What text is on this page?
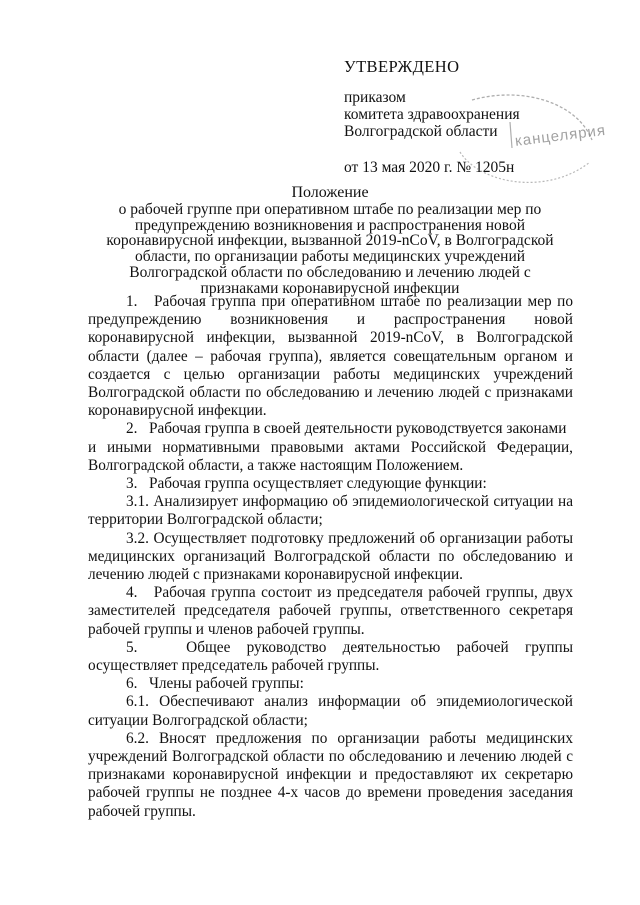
УТВЕРЖДЕНО
приказом
комитета здравоохранения
Волгоградской области
от 13 мая 2020 г. № 1205н
канцелярия
Положение
о рабочей группе при оперативном штабе по реализации мер по предупреждению возникновения и распространения новой коронавирусной инфекции, вызванной 2019-nCoV, в Волгоградской области, по организации работы медицинских учреждений Волгоградской области по обследованию и лечению людей с признаками коронавирусной инфекции

1.   Рабочая группа при оперативном штабе по реализации мер по предупреждению возникновения и распространения новой коронавирусной инфекции, вызванной 2019-nCoV, в Волгоградской области (далее – рабочая группа), является совещательным органом и создается с целью организации работы медицинских учреждений Волгоградской области по обследованию и лечению людей с признаками коронавирусной инфекции.

2.   Рабочая группа в своей деятельности руководствуется законами

и иными нормативными правовыми актами Российской Федерации, Волгоградской области, а также настоящим Положением.

3.   Рабочая группа осуществляет следующие функции:

3.1. Анализирует информацию об эпидемиологической ситуации на территории Волгоградской области;

3.2. Осуществляет подготовку предложений об организации работы медицинских организаций Волгоградской области по обследованию и лечению людей с признаками коронавирусной инфекции.

4.   Рабочая группа состоит из председателя рабочей группы, двух заместителей председателя рабочей группы, ответственного секретаря рабочей группы и членов рабочей группы.

5.   Общее руководство деятельностью рабочей группы осуществляет председатель рабочей группы.

6.   Члены рабочей группы:

6.1. Обеспечивают анализ информации об эпидемиологической ситуации Волгоградской области;

6.2. Вносят предложения по организации работы медицинских учреждений Волгоградской области по обследованию и лечению людей с признаками коронавирусной инфекции и предоставляют их секретарю рабочей группы не позднее 4-х часов до времени проведения заседания рабочей группы.
